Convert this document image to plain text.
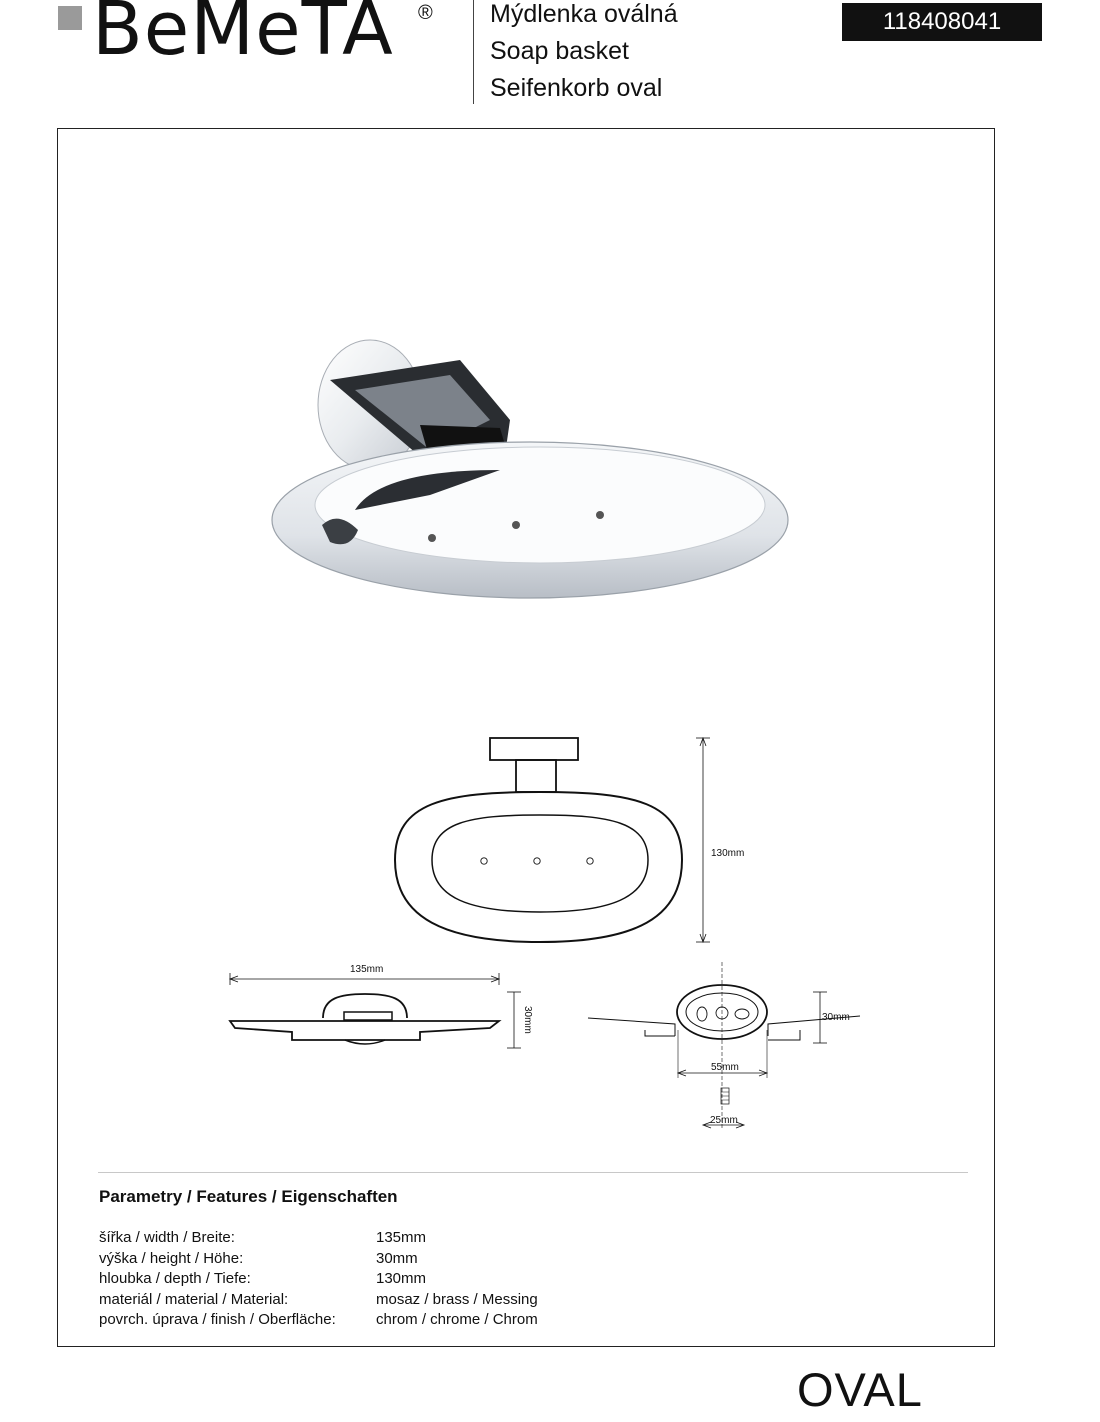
BeMeTA ® Mýdlenka oválná
Soap basket
Seifenkorb oval
118408041
130mm
135mm
30mm	30mm
55mm
25mm
Parametry / Features / Eigenschaften
šířka / width / Breite:	135mm
výška / height / Höhe:	30mm
hloubka / depth / Tiefe:	130mm
materiál / material / Material:	mosaz / brass / Messing
povrch. úprava / finish / Oberfläche:	chrom / chrome / Chrom
OVAL
